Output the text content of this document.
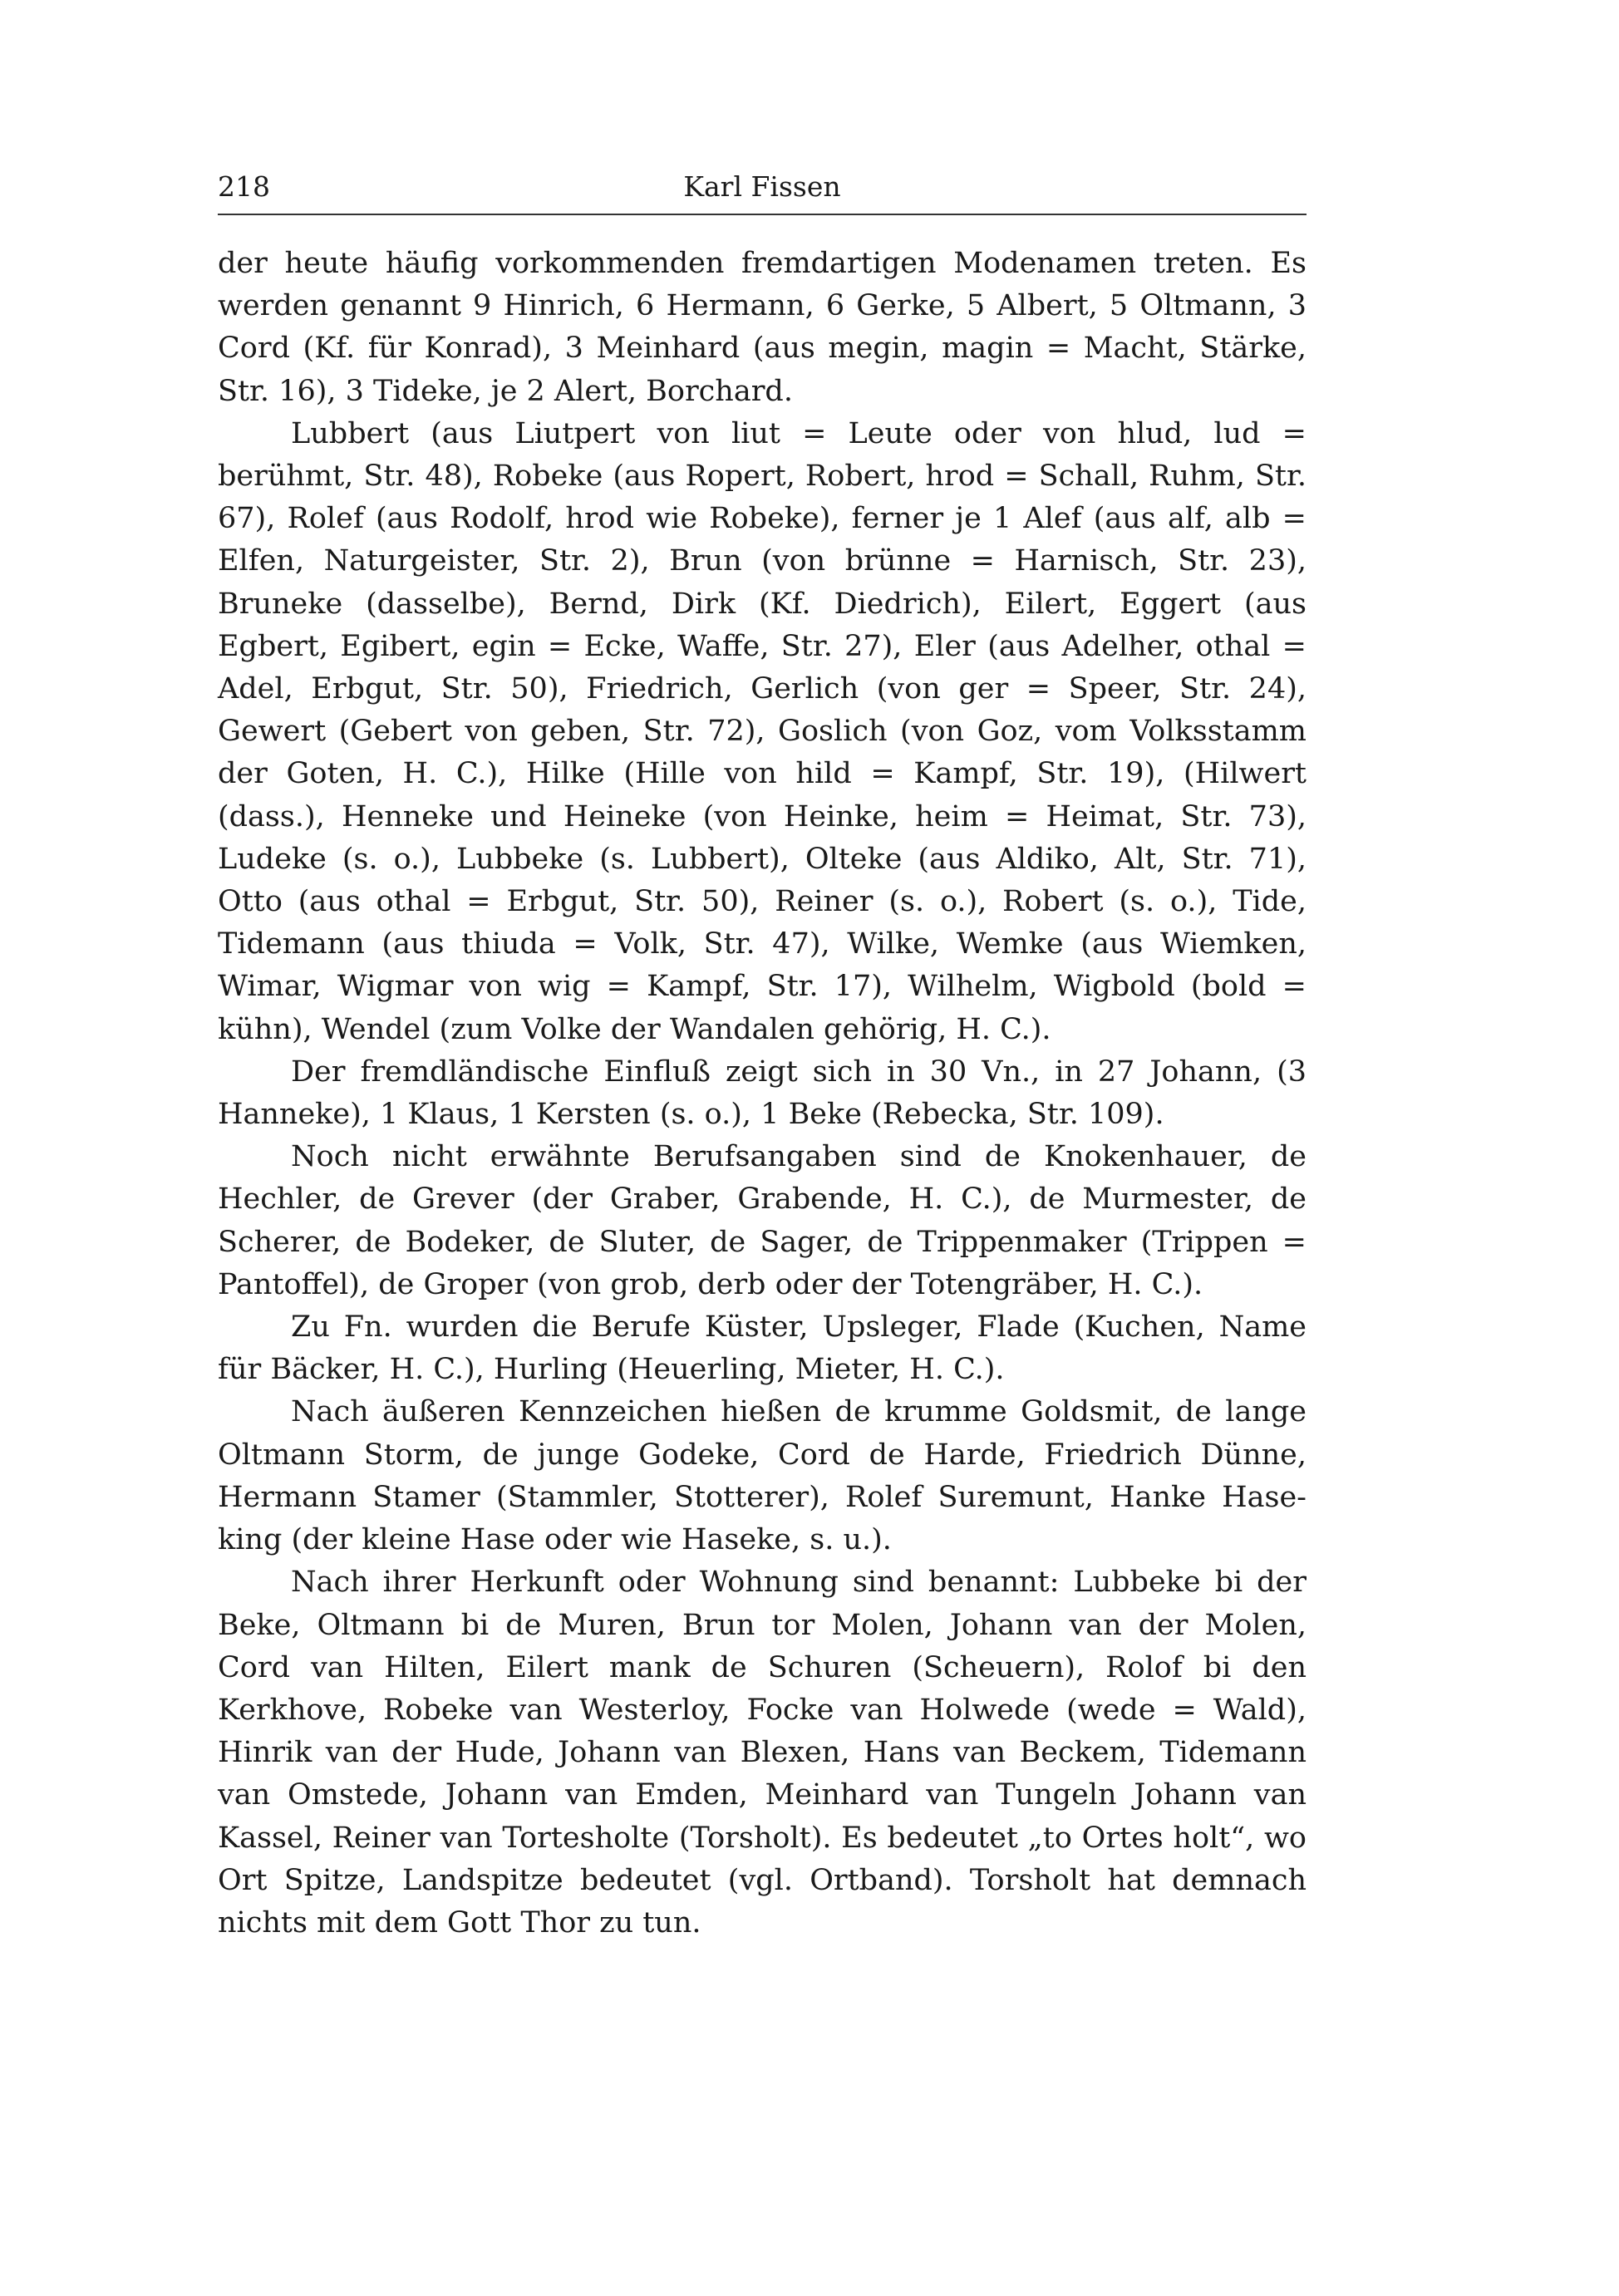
218	Karl Fissen

der heute häufig vorkommenden fremdartigen Modenamen treten. Es werden genannt 9 Hinrich, 6 Hermann, 6 Gerke, 5 Albert, 5 Oltmann, 3 Cord (Kf. für Konrad), 3 Meinhard (aus megin, magin = Macht, Stärke, Str. 16), 3 Tideke, je 2 Alert, Borchard.

Lubbert (aus Liutpert von liut = Leute oder von hlud, lud = berühmt, Str. 48), Robeke (aus Ropert, Robert, hrod = Schall, Ruhm, Str. 67), Rolef (aus Rodolf, hrod wie Robeke), ferner je 1 Alef (aus alf, alb = Elfen, Naturgeister, Str. 2), Brun (von brünne = Harnisch, Str. 23), Bruneke (dasselbe), Bernd, Dirk (Kf. Diedrich), Eilert, Eggert (aus Egbert, Egibert, egin = Ecke, Waffe, Str. 27), Eler (aus Adelher, othal = Adel, Erbgut, Str. 50), Friedrich, Gerlich (von ger = Speer, Str. 24), Gewert (Gebert von geben, Str. 72), Goslich (von Goz, vom Volksstamm der Goten, H. C.), Hilke (Hille von hild = Kampf, Str. 19), (Hilwert (dass.), Henneke und Heineke (von Heinke, heim = Heimat, Str. 73), Ludeke (s. o.), Lubbeke (s. Lubbert), Olteke (aus Aldiko, Alt, Str. 71), Otto (aus othal = Erbgut, Str. 50), Reiner (s. o.), Robert (s. o.), Tide, Tidemann (aus thiuda = Volk, Str. 47), Wilke, Wemke (aus Wiemken, Wimar, Wigmar von wig = Kampf, Str. 17), Wilhelm, Wigbold (bold = kühn), Wendel (zum Volke der Wandalen gehörig, H. C.).

Der fremdländische Einfluß zeigt sich in 30 Vn., in 27 Johann, (3 Hanneke), 1 Klaus, 1 Kersten (s. o.), 1 Beke (Rebecka, Str. 109).

Noch nicht erwähnte Berufsangaben sind de Knokenhauer, de Hechler, de Grever (der Graber, Grabende, H. C.), de Murmester, de Scherer, de Bodeker, de Sluter, de Sager, de Trippenmaker (Trippen = Pantoffel), de Groper (von grob, derb oder der Totengräber, H. C.).

Zu Fn. wurden die Berufe Küster, Upsleger, Flade (Kuchen, Name für Bäcker, H. C.), Hurling (Heuerling, Mieter, H. C.).

Nach äußeren Kennzeichen hießen de krumme Goldsmit, de lange Oltmann Storm, de junge Godeke, Cord de Harde, Friedrich Dünne, Hermann Stamer (Stammler, Stotterer), Rolef Suremunt, Hanke Haseking (der kleine Hase oder wie Haseke, s. u.).

Nach ihrer Herkunft oder Wohnung sind benannt: Lubbeke bi der Beke, Oltmann bi de Muren, Brun tor Molen, Johann van der Molen, Cord van Hilten, Eilert mank de Schuren (Scheuern), Rolof bi den Kerkhove, Robeke van Westerloy, Focke van Holwede (wede = Wald), Hinrik van der Hude, Johann van Blexen, Hans van Beckem, Tidemann van Omstede, Johann van Emden, Meinhard van Tungeln Johann van Kassel, Reiner van Tortesholte (Torsholt). Es bedeutet „to Ortes holt“, wo Ort Spitze, Landspitze bedeutet (vgl. Ortband). Torsholt hat demnach nichts mit dem Gott Thor zu tun.
